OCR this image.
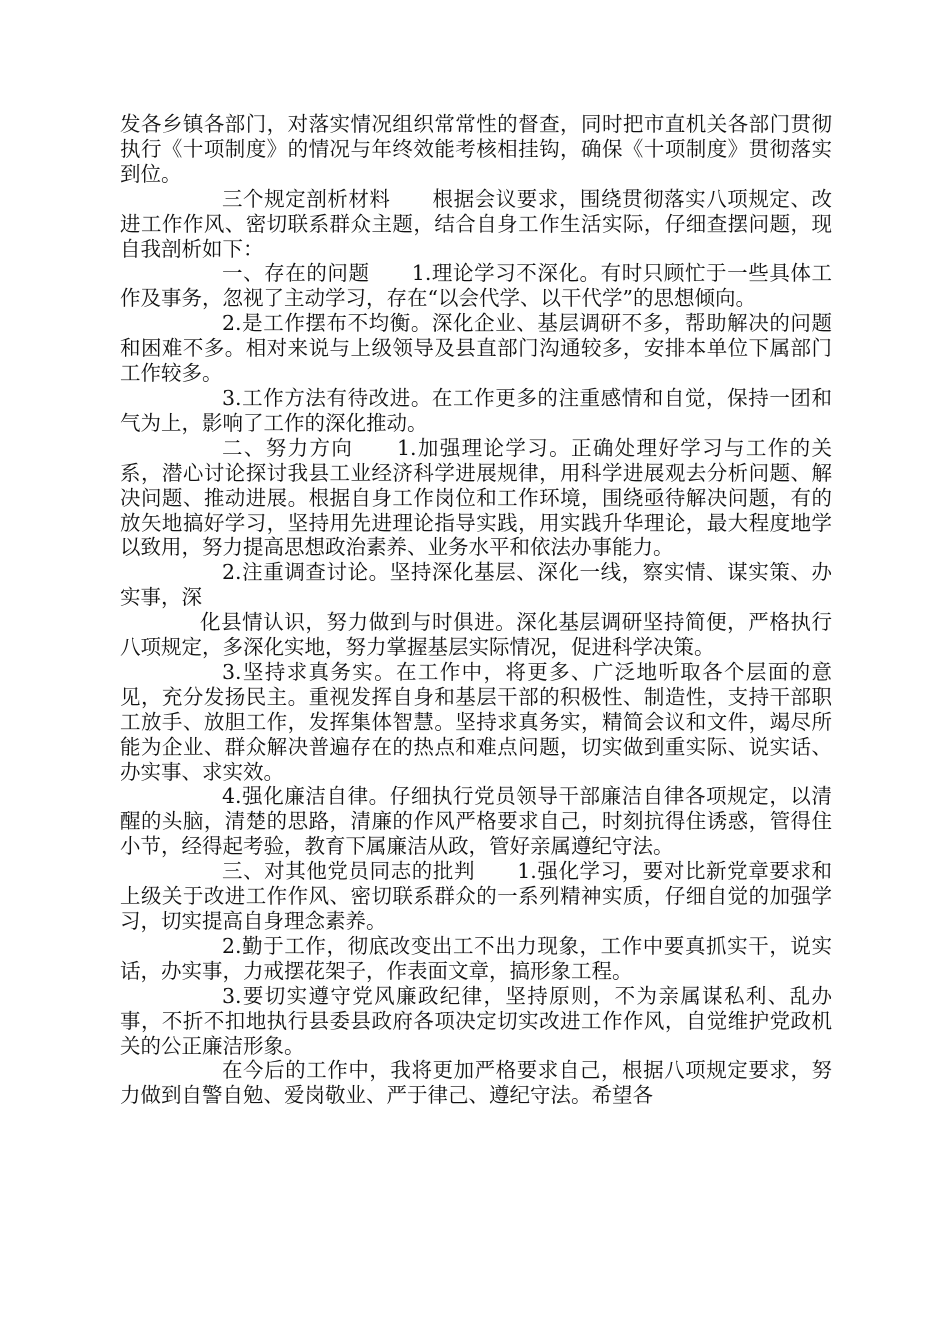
发各乡镇各部门，对落实情况组织常常性的督查，同时把市直机关各部门贯彻执行《十项制度》的情况与年终效能考核相挂钩，确保《十项制度》贯彻落实到位。

三个规定剖析材料　　根据会议要求，围绕贯彻落实八项规定、改进工作作风、密切联系群众主题，结合自身工作生活实际，仔细查摆问题，现自我剖析如下：

一、存在的问题　　1.理论学习不深化。有时只顾忙于一些具体工作及事务，忽视了主动学习，存在“以会代学、以干代学”的思想倾向。

2.是工作摆布不均衡。深化企业、基层调研不多，帮助解决的问题和困难不多。相对来说与上级领导及县直部门沟通较多，安排本单位下属部门工作较多。

3.工作方法有待改进。在工作更多的注重感情和自觉，保持一团和气为上，影响了工作的深化推动。

二、努力方向　　1.加强理论学习。正确处理好学习与工作的关系，潜心讨论探讨我县工业经济科学进展规律，用科学进展观去分析问题、解决问题、推动进展。根据自身工作岗位和工作环境，围绕亟待解决问题，有的放矢地搞好学习，坚持用先进理论指导实践，用实践升华理论，最大程度地学以致用，努力提高思想政治素养、业务水平和依法办事能力。

2.注重调查讨论。坚持深化基层、深化一线，察实情、谋实策、办实事，深

化县情认识，努力做到与时俱进。深化基层调研坚持简便，严格执行八项规定，多深化实地，努力掌握基层实际情况，促进科学决策。

3.坚持求真务实。在工作中，将更多、广泛地听取各个层面的意见，充分发扬民主。重视发挥自身和基层干部的积极性、制造性，支持干部职工放手、放胆工作，发挥集体智慧。坚持求真务实，精简会议和文件，竭尽所能为企业、群众解决普遍存在的热点和难点问题，切实做到重实际、说实话、办实事、求实效。

4.强化廉洁自律。仔细执行党员领导干部廉洁自律各项规定，以清醒的头脑，清楚的思路，清廉的作风严格要求自己，时刻抗得住诱惑，管得住小节，经得起考验，教育下属廉洁从政，管好亲属遵纪守法。

三、对其他党员同志的批判　　1.强化学习，要对比新党章要求和上级关于改进工作作风、密切联系群众的一系列精神实质，仔细自觉的加强学习，切实提高自身理念素养。

2.勤于工作，彻底改变出工不出力现象，工作中要真抓实干，说实话，办实事，力戒摆花架子，作表面文章，搞形象工程。

3.要切实遵守党风廉政纪律，坚持原则，不为亲属谋私利、乱办事，不折不扣地执行县委县政府各项决定切实改进工作作风，自觉维护党政机关的公正廉洁形象。

在今后的工作中，我将更加严格要求自己，根据八项规定要求，努力做到自警自勉、爱岗敬业、严于律己、遵纪守法。希望各
